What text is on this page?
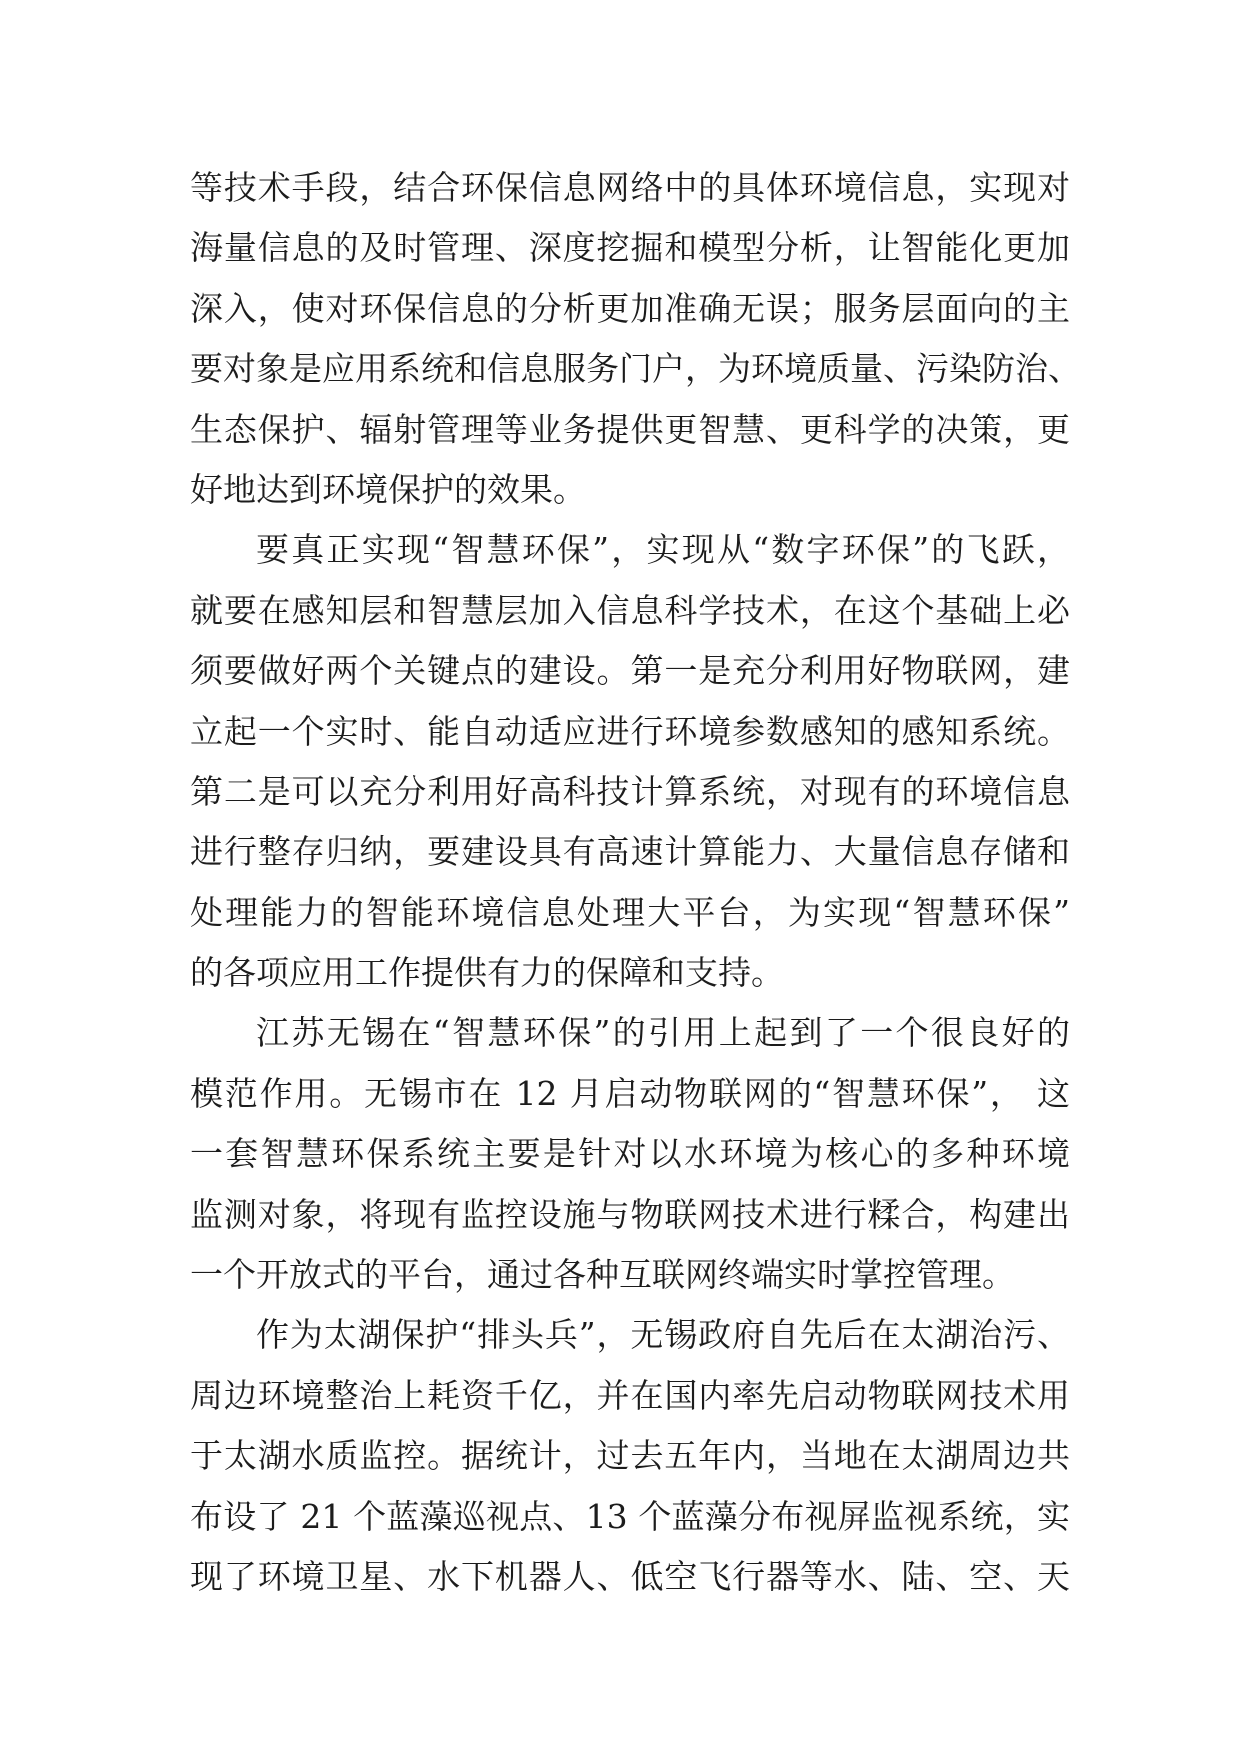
等技术手段，结合环保信息网络中的具体环境信息，实现对
海量信息的及时管理、深度挖掘和模型分析，让智能化更加
深入，使对环保信息的分析更加准确无误；服务层面向的主
要对象是应用系统和信息服务门户，为环境质量、污染防治、
生态保护、辐射管理等业务提供更智慧、更科学的决策，更
好地达到环境保护的效果。
要真正实现“智慧环保”，实现从“数字环保”的飞跃，
就要在感知层和智慧层加入信息科学技术，在这个基础上必
须要做好两个关键点的建设。第一是充分利用好物联网，建
立起一个实时、能自动适应进行环境参数感知的感知系统。
第二是可以充分利用好高科技计算系统，对现有的环境信息
进行整存归纳，要建设具有高速计算能力、大量信息存储和
处理能力的智能环境信息处理大平台，为实现“智慧环保”
的各项应用工作提供有力的保障和支持。
江苏无锡在“智慧环保”的引用上起到了一个很良好的
模范作用。无锡市在 12 月启动物联网的“智慧环保”， 这
一套智慧环保系统主要是针对以水环境为核心的多种环境
监测对象，将现有监控设施与物联网技术进行糅合，构建出
一个开放式的平台，通过各种互联网终端实时掌控管理。
作为太湖保护“排头兵”，无锡政府自先后在太湖治污、
周边环境整治上耗资千亿，并在国内率先启动物联网技术用
于太湖水质监控。据统计，过去五年内，当地在太湖周边共
布设了 21 个蓝藻巡视点、13 个蓝藻分布视屏监视系统，实
现了环境卫星、水下机器人、低空飞行器等水、陆、空、天
